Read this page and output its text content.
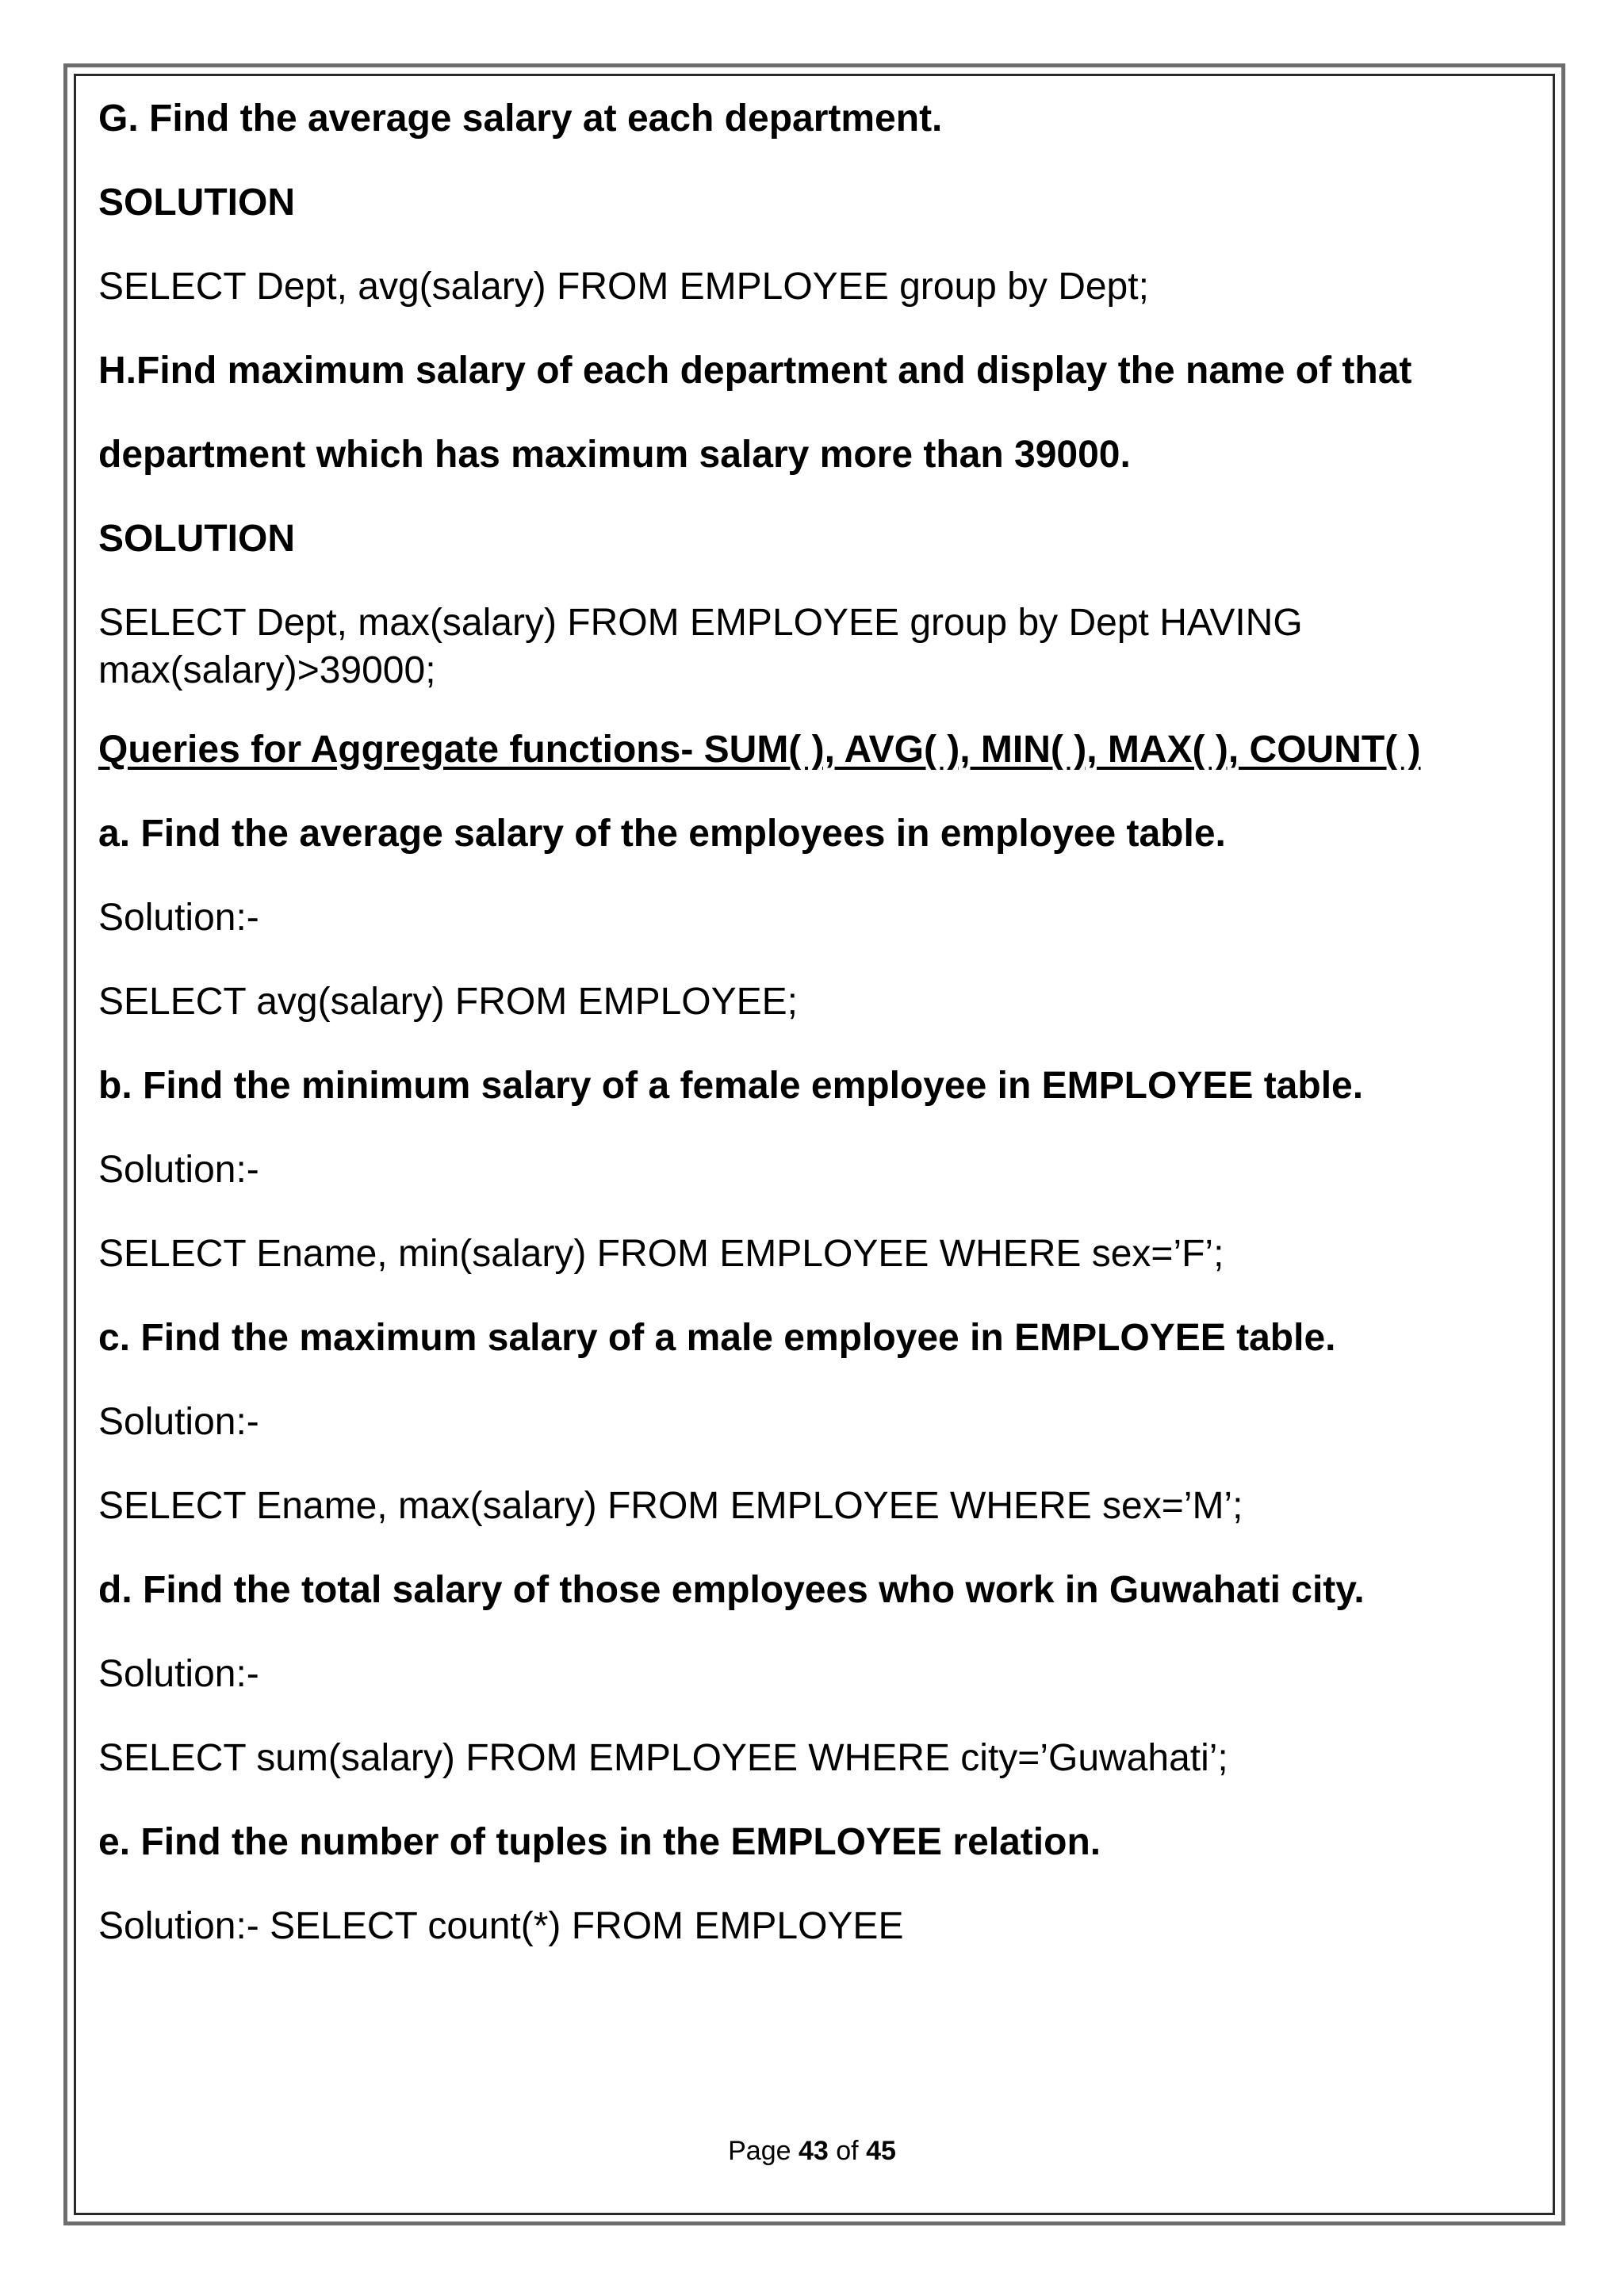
G. Find the average salary at each department.
SOLUTION
SELECT Dept, avg(salary) FROM EMPLOYEE group by Dept;
H.Find maximum salary of each department and display the name of that
department which has maximum salary more than 39000.
SOLUTION
SELECT Dept, max(salary) FROM EMPLOYEE group by Dept HAVING
max(salary)>39000;
Queries for Aggregate functions- SUM( ), AVG( ), MIN( ), MAX( ), COUNT( )
a. Find the average salary of the employees in employee table.
Solution:-
SELECT avg(salary) FROM EMPLOYEE;
b. Find the minimum salary of a female employee in EMPLOYEE table.
Solution:-
SELECT Ename, min(salary) FROM EMPLOYEE WHERE sex=’F’;
c. Find the maximum salary of a male employee in EMPLOYEE table.
Solution:-
SELECT Ename, max(salary) FROM EMPLOYEE WHERE sex=’M’;
d. Find the total salary of those employees who work in Guwahati city.
Solution:-
SELECT sum(salary) FROM EMPLOYEE WHERE city=’Guwahati’;
e. Find the number of tuples in the EMPLOYEE relation.
Solution:- SELECT count(*) FROM EMPLOYEE
Page 43 of 45
